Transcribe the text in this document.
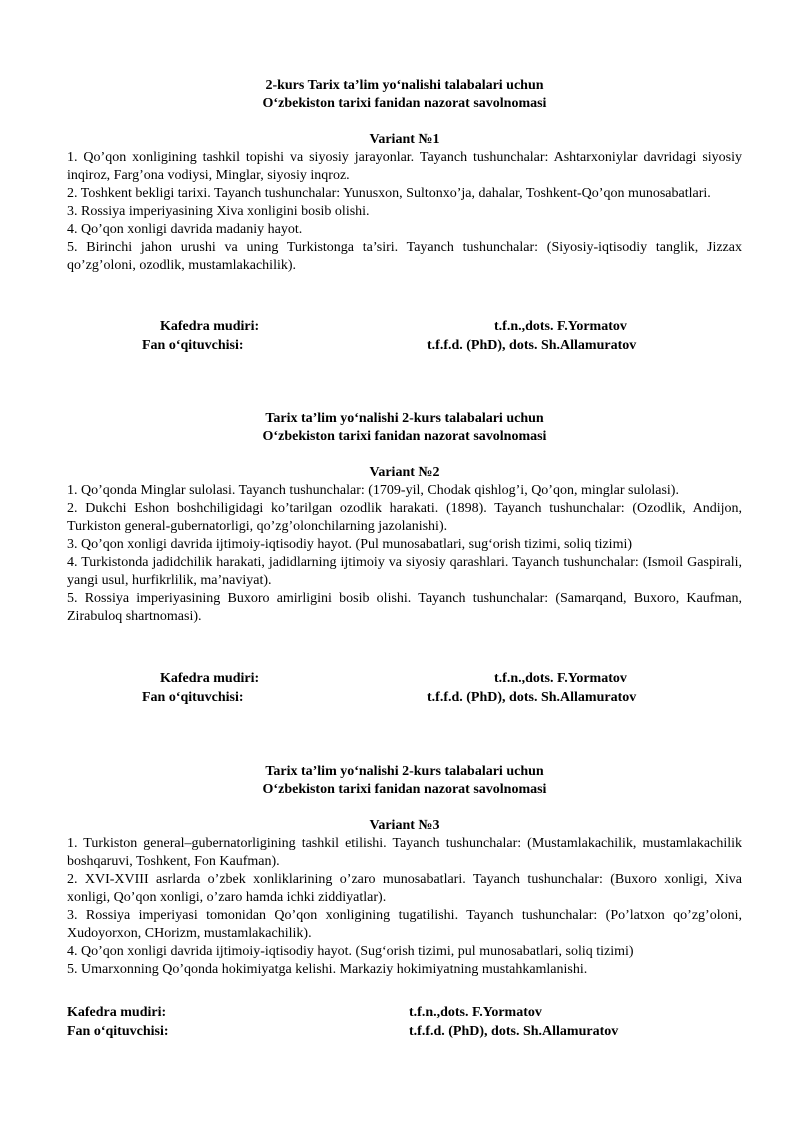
2-kurs Tarix ta’lim yo‘nalishi talabalari uchun
O‘zbekiston tarixi fanidan nazorat savolnomasi
Variant №1
1. Qo’qon xonligining tashkil topishi va siyosiy jarayonlar. Tayanch tushunchalar: Ashtarxoniylar davridagi siyosiy inqiroz, Farg’ona vodiysi, Minglar, siyosiy inqroz.
2. Toshkent bekligi tarixi. Tayanch tushunchalar: Yunusxon, Sultonxo’ja, dahalar, Toshkent-Qo’qon munosabatlari.
3. Rossiya imperiyasining Xiva xonligini bosib olishi.
4. Qo’qon xonligi davrida madaniy hayot.
5. Birinchi jahon urushi va uning Turkistonga ta’siri. Tayanch tushunchalar: (Siyosiy-iqtisodiy tanglik, Jizzax qo’zg’oloni, ozodlik, mustamlakachilik).
Kafedra mudiri:	t.f.n.,dots. F.Yormatov
Fan o‘qituvchisi:	t.f.f.d. (PhD), dots. Sh.Allamuratov
Tarix ta’lim yo‘nalishi 2-kurs talabalari uchun
O‘zbekiston tarixi fanidan nazorat savolnomasi
Variant №2
1. Qo’qonda Minglar sulolasi. Tayanch tushunchalar: (1709-yil, Chodak qishlog’i, Qo’qon, minglar sulolasi).
2. Dukchi Eshon boshchiligidagi ko’tarilgan ozodlik harakati. (1898). Tayanch tushunchalar: (Ozodlik, Andijon, Turkiston general-gubernatorligi, qo’zg’olonchilarning jazolanishi).
3. Qo’qon xonligi davrida ijtimoiy-iqtisodiy hayot. (Pul munosabatlari, sug‘orish tizimi, soliq tizimi)
4. Turkistonda jadidchilik harakati, jadidlarning ijtimoiy va siyosiy qarashlari. Tayanch tushunchalar: (Ismoil Gaspirali, yangi usul, hurfikrlilik, ma’naviyat).
5. Rossiya imperiyasining Buxoro amirligini bosib olishi. Tayanch tushunchalar: (Samarqand, Buxoro, Kaufman, Zirabuloq shartnomasi).
Kafedra mudiri:	t.f.n.,dots. F.Yormatov
Fan o‘qituvchisi:	t.f.f.d. (PhD), dots. Sh.Allamuratov
Tarix ta’lim yo‘nalishi 2-kurs talabalari uchun
O‘zbekiston tarixi fanidan nazorat savolnomasi
Variant №3
1. Turkiston general–gubernatorligining tashkil etilishi. Tayanch tushunchalar: (Mustamlakachilik, mustamlakachilik boshqaruvi, Toshkent, Fon Kaufman).
2. XVI-XVIII asrlarda o’zbek xonliklarining o’zaro munosabatlari. Tayanch tushunchalar: (Buxoro xonligi, Xiva xonligi, Qo’qon xonligi, o’zaro hamda ichki ziddiyatlar).
3. Rossiya imperiyasi tomonidan Qo’qon xonligining tugatilishi. Tayanch tushunchalar: (Po’latxon qo’zg’oloni, Xudoyorxon, CHorizm, mustamlakachilik).
4. Qo’qon xonligi davrida ijtimoiy-iqtisodiy hayot. (Sug‘orish tizimi, pul munosabatlari, soliq tizimi)
5. Umarxonning Qo’qonda hokimiyatga kelishi. Markaziy hokimiyatning mustahkamlanishi.
Kafedra mudiri:	t.f.n.,dots. F.Yormatov
Fan o‘qituvchisi:	t.f.f.d. (PhD), dots. Sh.Allamuratov
